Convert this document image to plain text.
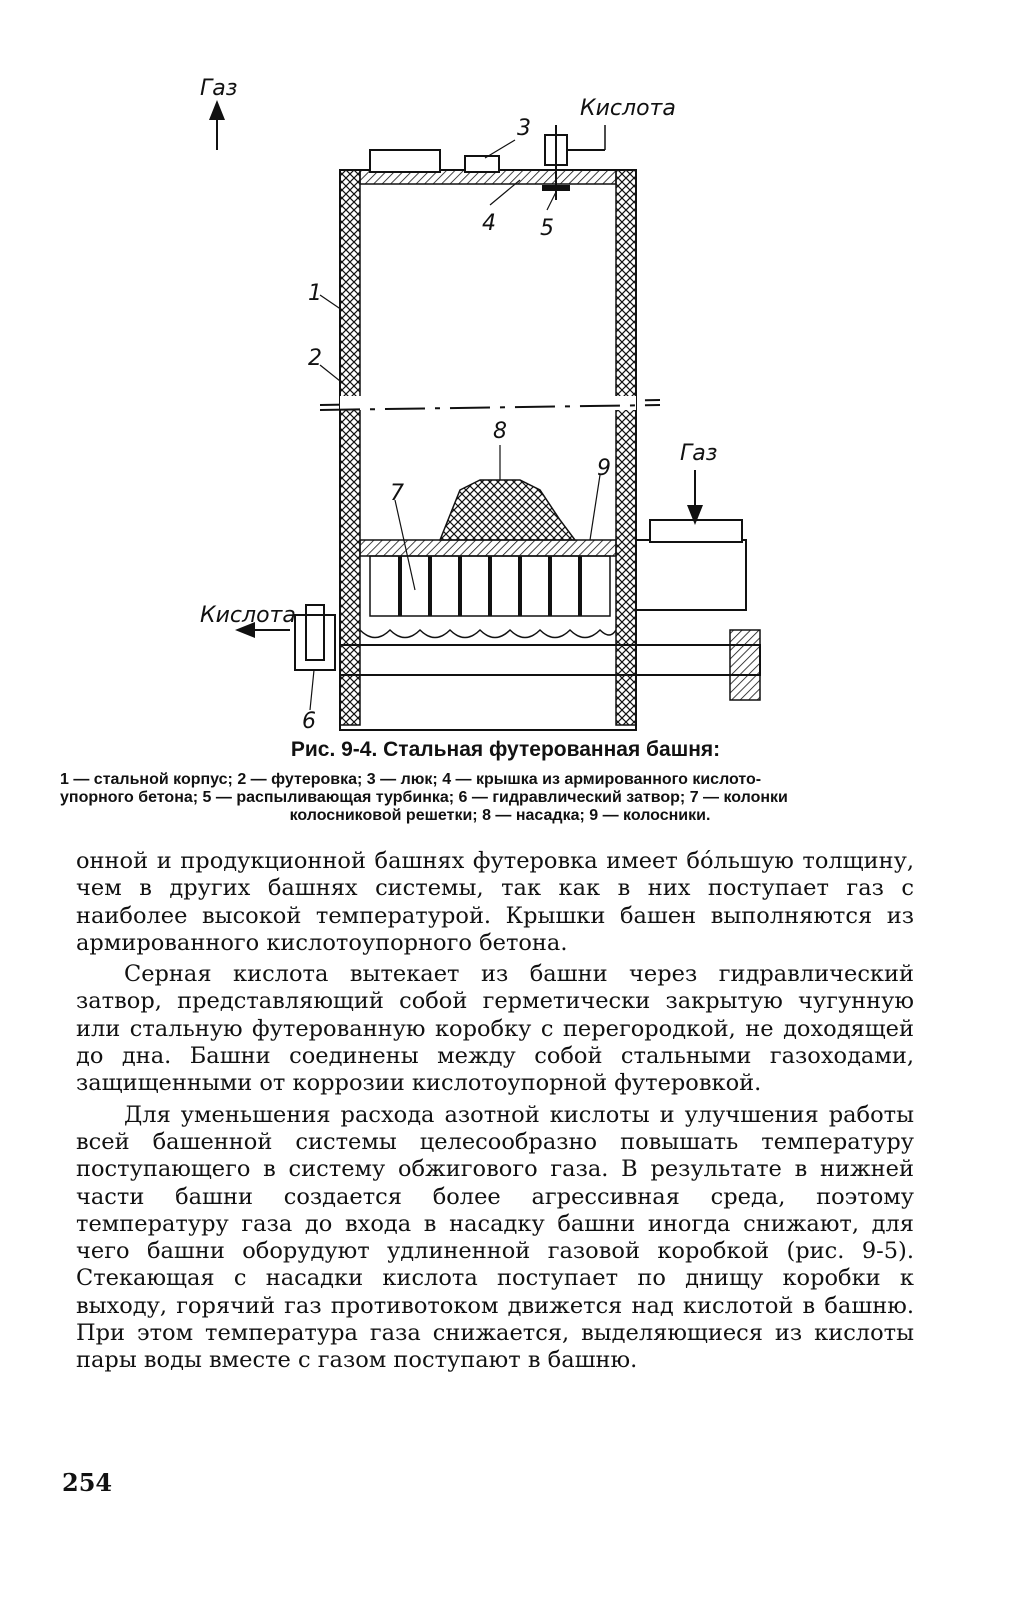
Газ
Кислота
Газ
Кислота
1
2
3
4 5
6
7
8
9
Рис. 9-4. Стальная футерованная башня:
1 — стальной корпус; 2 — футеровка; 3 — люк; 4 — крышка из армированного кислото-
упорного бетона; 5 — распыливающая турбинка; 6 — гидравлический затвор; 7 — колонки
колосниковой решетки; 8 — насадка; 9 — колосники.

онной и продукционной башнях футеровка имеет бóльшую толщину, чем в других башнях системы, так как в них поступает газ с наиболее высокой температурой. Крышки башен выполняются из армированного кислотоупорного бетона.

Серная кислота вытекает из башни через гидравлический затвор, представляющий собой герметически закрытую чугунную или стальную футерованную коробку с перегородкой, не доходящей до дна. Башни соединены между собой стальными газоходами, защищенными от коррозии кислотоупорной футеровкой.

Для уменьшения расхода азотной кислоты и улучшения работы всей башенной системы целесообразно повышать температуру поступающего в систему обжигового газа. В результате в нижней части башни создается более агрессивная среда, поэтому температуру газа до входа в насадку башни иногда снижают, для чего башни оборудуют удлиненной газовой коробкой (рис. 9-5). Стекающая с насадки кислота поступает по днищу коробки к выходу, горячий газ противотоком движется над кислотой в башню. При этом температура газа снижается, выделяющиеся из кислоты пары воды вместе с газом поступают в башню.

254
